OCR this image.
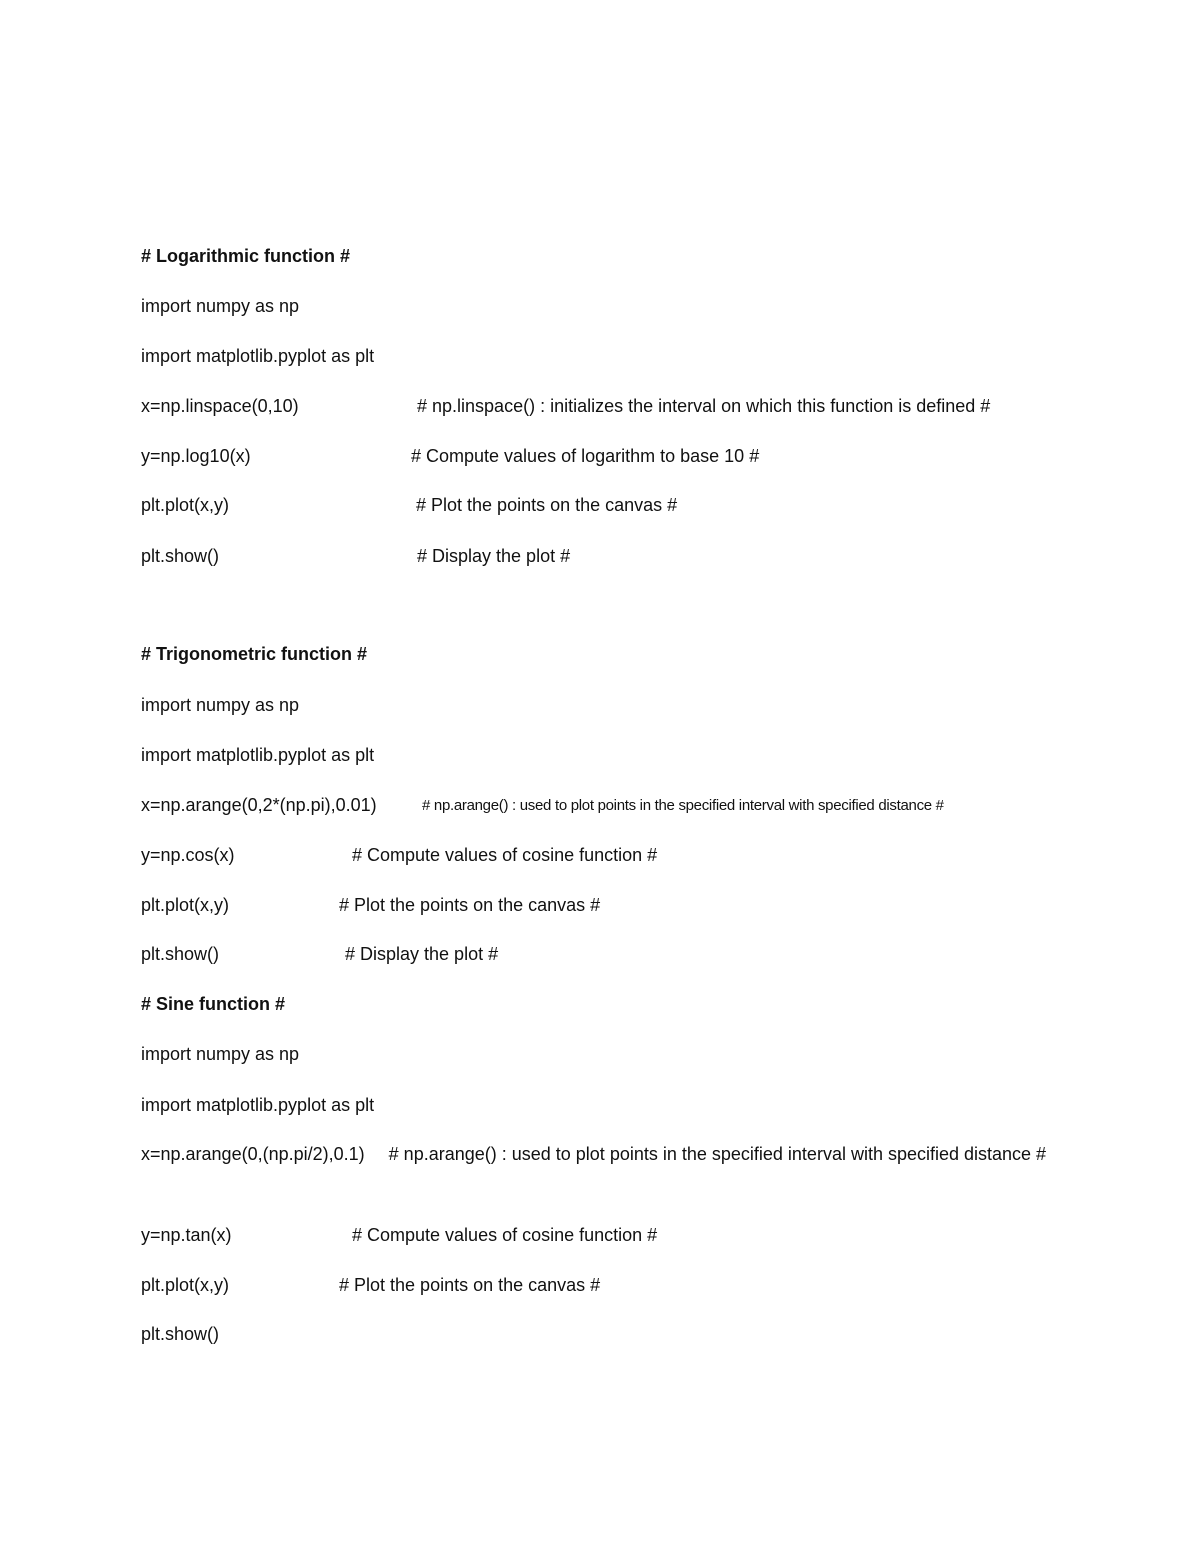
# Logarithmic function #
import numpy as np
import matplotlib.pyplot as plt
x=np.linspace(0,10)	# np.linspace() : initializes the interval on which this function is defined #
y=np.log10(x)	# Compute values of logarithm to base 10 #
plt.plot(x,y)	# Plot the points on the canvas #
plt.show()	# Display the plot #
# Trigonometric function #
import numpy as np
import matplotlib.pyplot as plt
x=np.arange(0,2*(np.pi),0.01)	# np.arange() : used to plot points in the specified interval with specified distance #
y=np.cos(x)	# Compute values of cosine function #
plt.plot(x,y)	# Plot the points on the canvas #
plt.show()	# Display the plot #
# Sine function #
import numpy as np
import matplotlib.pyplot as plt
x=np.arange(0,(np.pi/2),0.1) # np.arange() : used to plot points in the specified interval with specified distance #
y=np.tan(x)	# Compute values of cosine function #
plt.plot(x,y)	# Plot the points on the canvas #
plt.show()
